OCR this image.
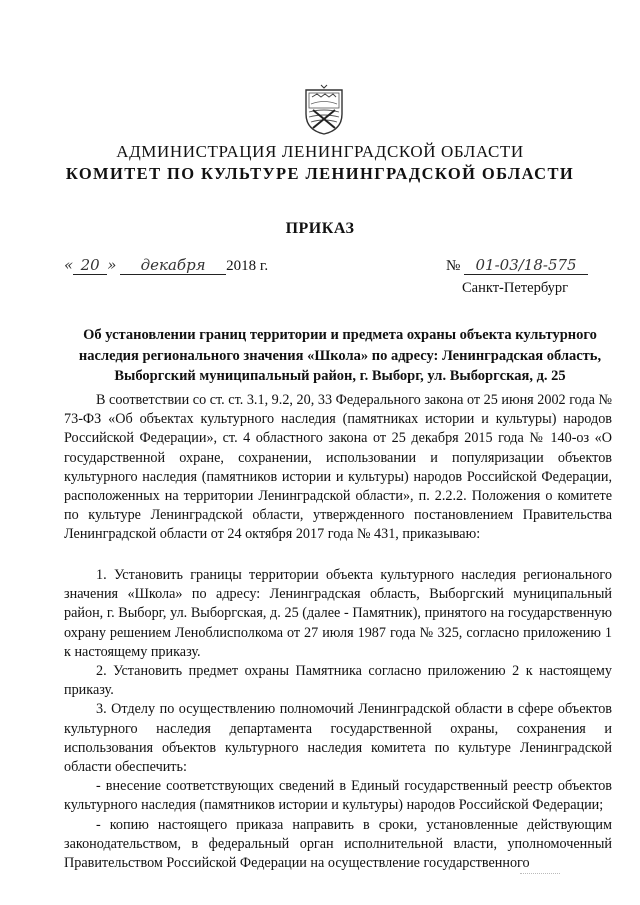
АДМИНИСТРАЦИЯ ЛЕНИНГРАДСКОЙ ОБЛАСТИ
КОМИТЕТ ПО КУЛЬТУРЕ ЛЕНИНГРАДСКОЙ ОБЛАСТИ
ПРИКАЗ
« 20 » декабря 2018 г.	№ 01-03/18-575
Санкт-Петербург
Об установлении границ территории и предмета охраны объекта культурного наследия регионального значения «Школа» по адресу: Ленинградская область, Выборгский муниципальный район, г. Выборг, ул. Выборгская, д. 25

В соответствии со ст. ст. 3.1, 9.2, 20, 33 Федерального закона от 25 июня 2002 года № 73-ФЗ «Об объектах культурного наследия (памятниках истории и культуры) народов Российской Федерации», ст. 4 областного закона от 25 декабря 2015 года № 140-оз «О государственной охране, сохранении, использовании и популяризации объектов культурного наследия (памятников истории и культуры) народов Российской Федерации, расположенных на территории Ленинградской области», п. 2.2.2. Положения о комитете по культуре Ленинградской области, утвержденного постановлением Правительства Ленинградской области от 24 октября 2017 года № 431, приказываю:

1. Установить границы территории объекта культурного наследия регионального значения «Школа» по адресу: Ленинградская область, Выборгский муниципальный район, г. Выборг, ул. Выборгская, д. 25 (далее - Памятник), принятого на государственную охрану решением Леноблисполкома от 27 июля 1987 года № 325, согласно приложению 1 к настоящему приказу.

2. Установить предмет охраны Памятника согласно приложению 2 к настоящему приказу.

3. Отделу по осуществлению полномочий Ленинградской области в сфере объектов культурного наследия департамента государственной охраны, сохранения и использования объектов культурного наследия комитета по культуре Ленинградской области обеспечить:

- внесение соответствующих сведений в Единый государственный реестр объектов культурного наследия (памятников истории и культуры) народов Российской Федерации;

- копию настоящего приказа направить в сроки, установленные действующим законодательством, в федеральный орган исполнительной власти, уполномоченный Правительством Российской Федерации на осуществление государственного
